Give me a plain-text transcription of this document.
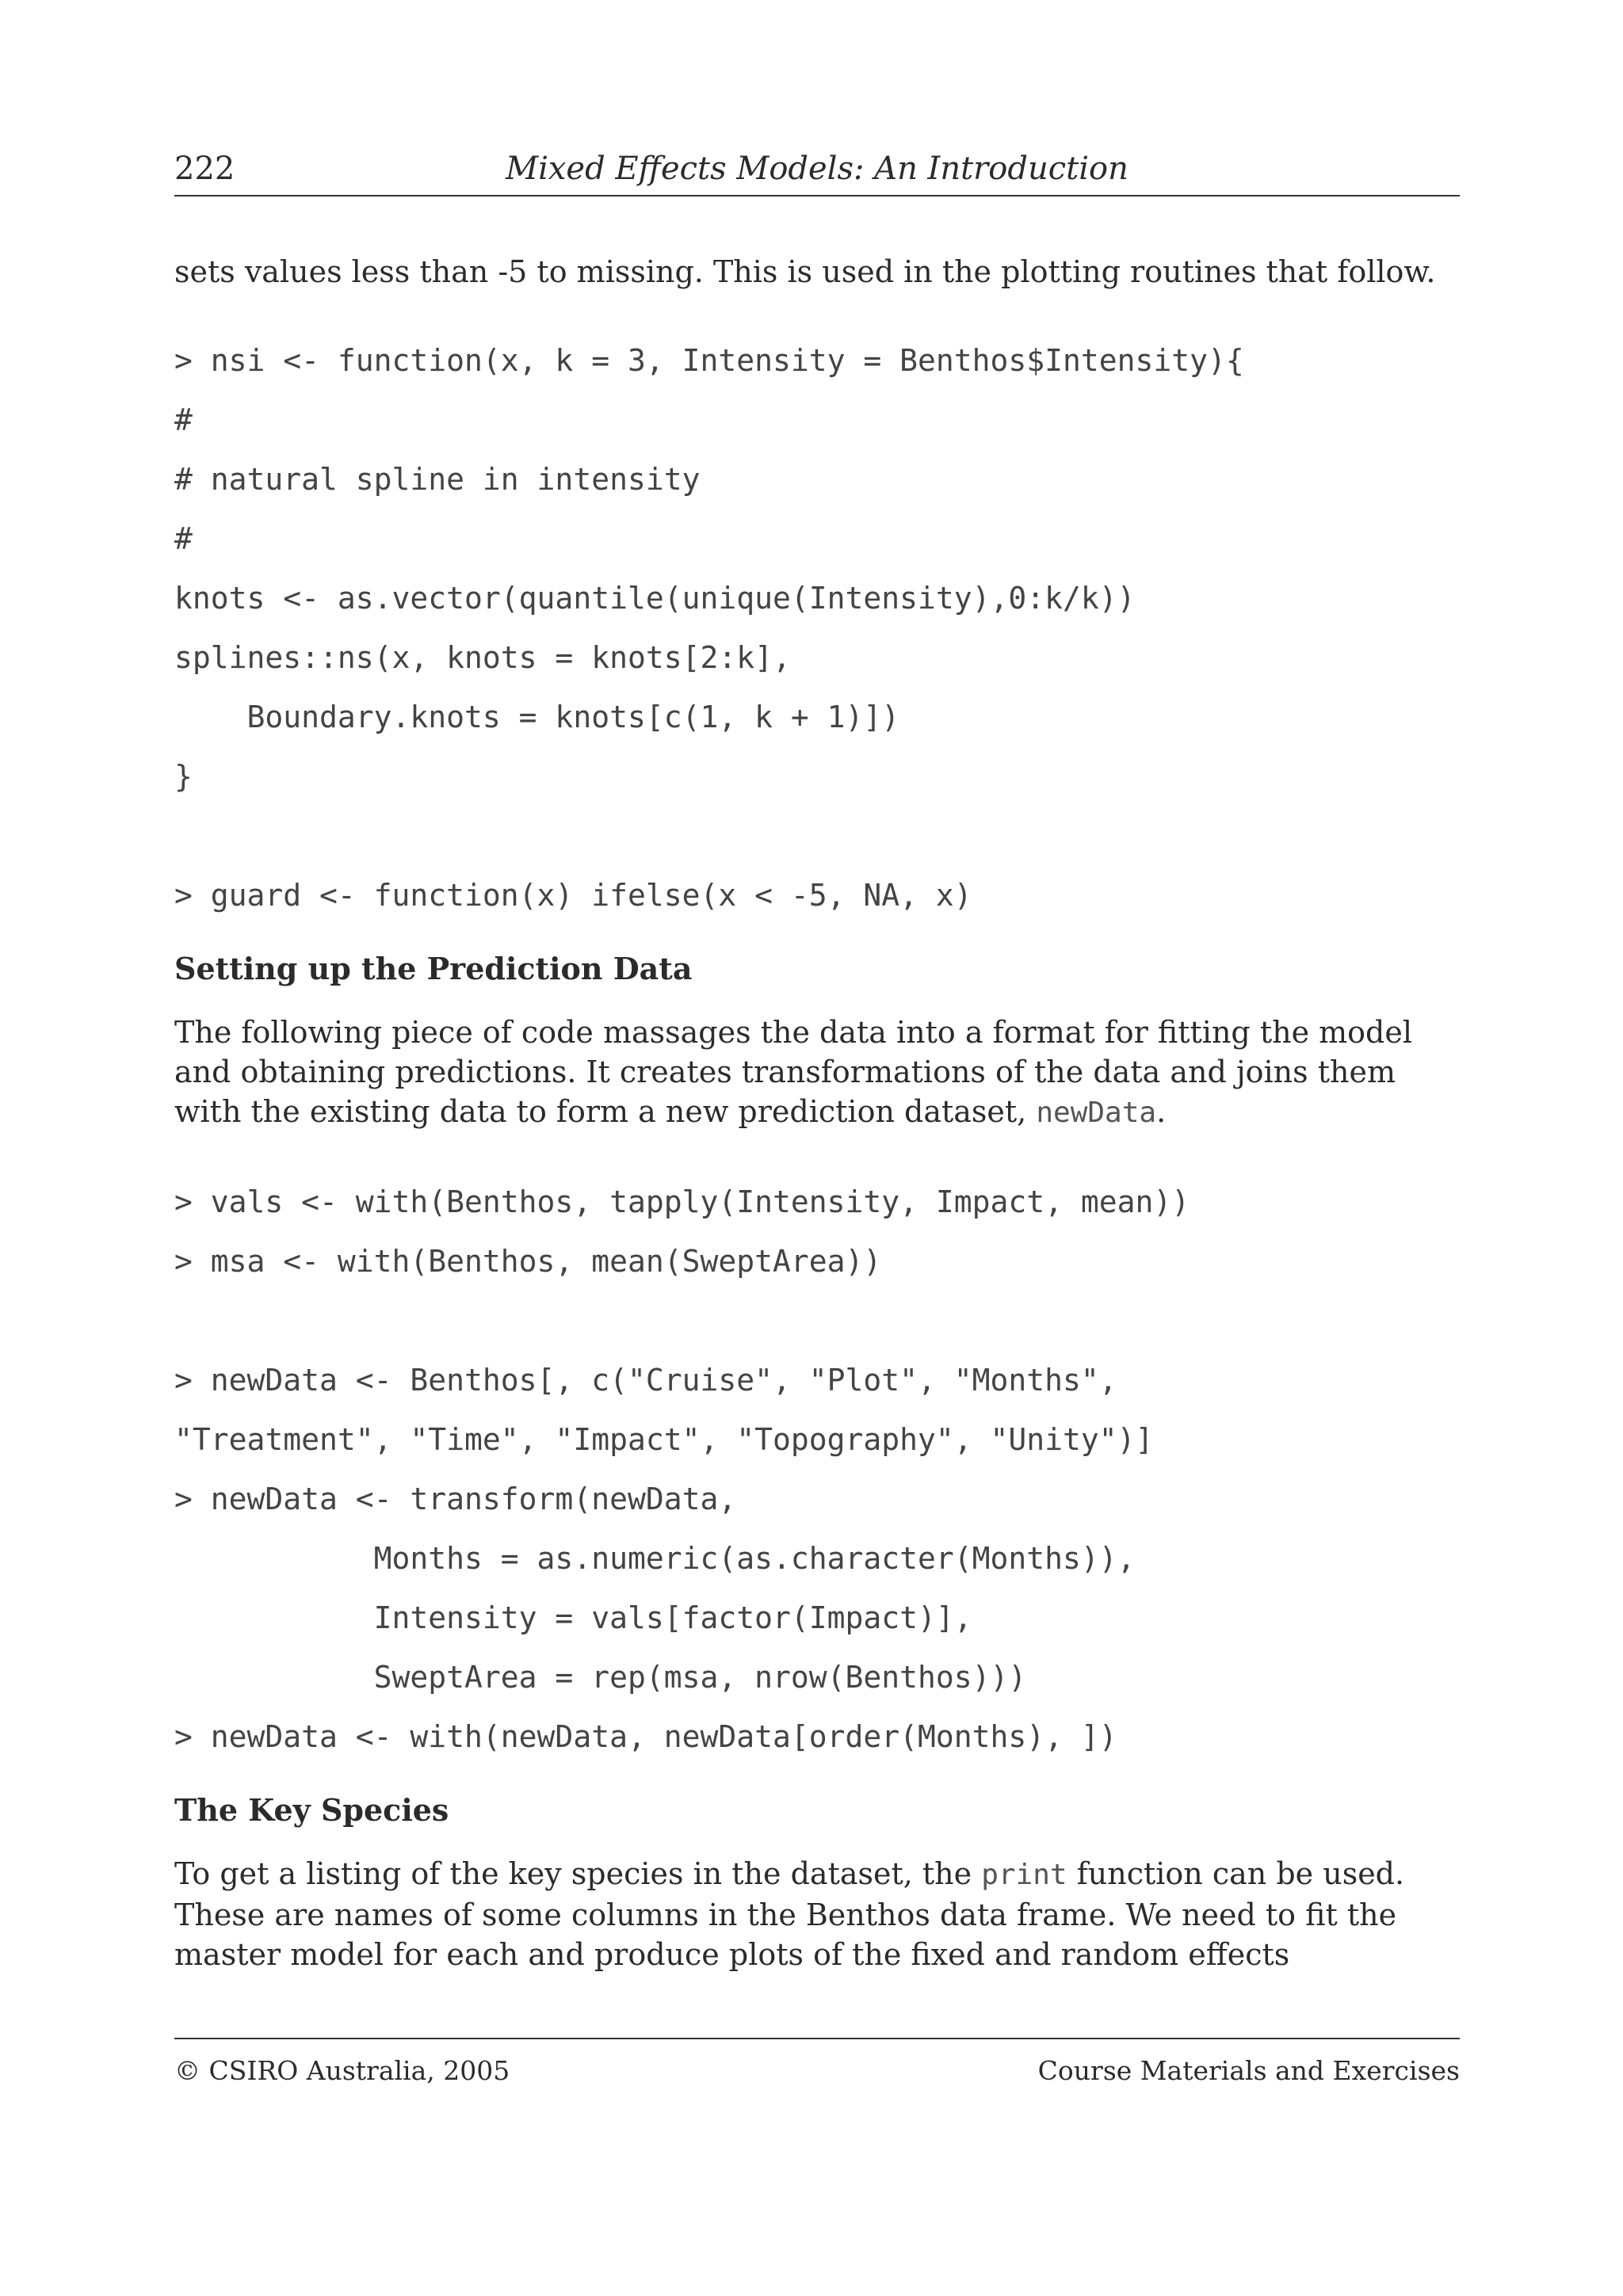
222	Mixed Effects Models: An Introduction

sets values less than -5 to missing. This is used in the plotting routines that follow.

> nsi <- function(x, k = 3, Intensity = Benthos$Intensity){
#
# natural spline in intensity
#
knots <- as.vector(quantile(unique(Intensity),0:k/k))
splines::ns(x, knots = knots[2:k],
Boundary.knots = knots[c(1, k + 1)])
}
> guard <- function(x) ifelse(x < -5, NA, x)
Setting up the Prediction Data

The following piece of code massages the data into a format for fitting the model and obtaining predictions. It creates transformations of the data and joins them with the existing data to form a new prediction dataset, newData.

> vals <- with(Benthos, tapply(Intensity, Impact, mean))
> msa <- with(Benthos, mean(SweptArea))
> newData <- Benthos[, c("Cruise", "Plot", "Months",
"Treatment", "Time", "Impact", "Topography", "Unity")]
> newData <- transform(newData,
Months = as.numeric(as.character(Months)),
Intensity = vals[factor(Impact)],
SweptArea = rep(msa, nrow(Benthos)))
> newData <- with(newData, newData[order(Months), ])
The Key Species

To get a listing of the key species in the dataset, the print function can be used. These are names of some columns in the Benthos data frame. We need to fit the master model for each and produce plots of the fixed and random effects

© CSIRO Australia, 2005	Course Materials and Exercises
